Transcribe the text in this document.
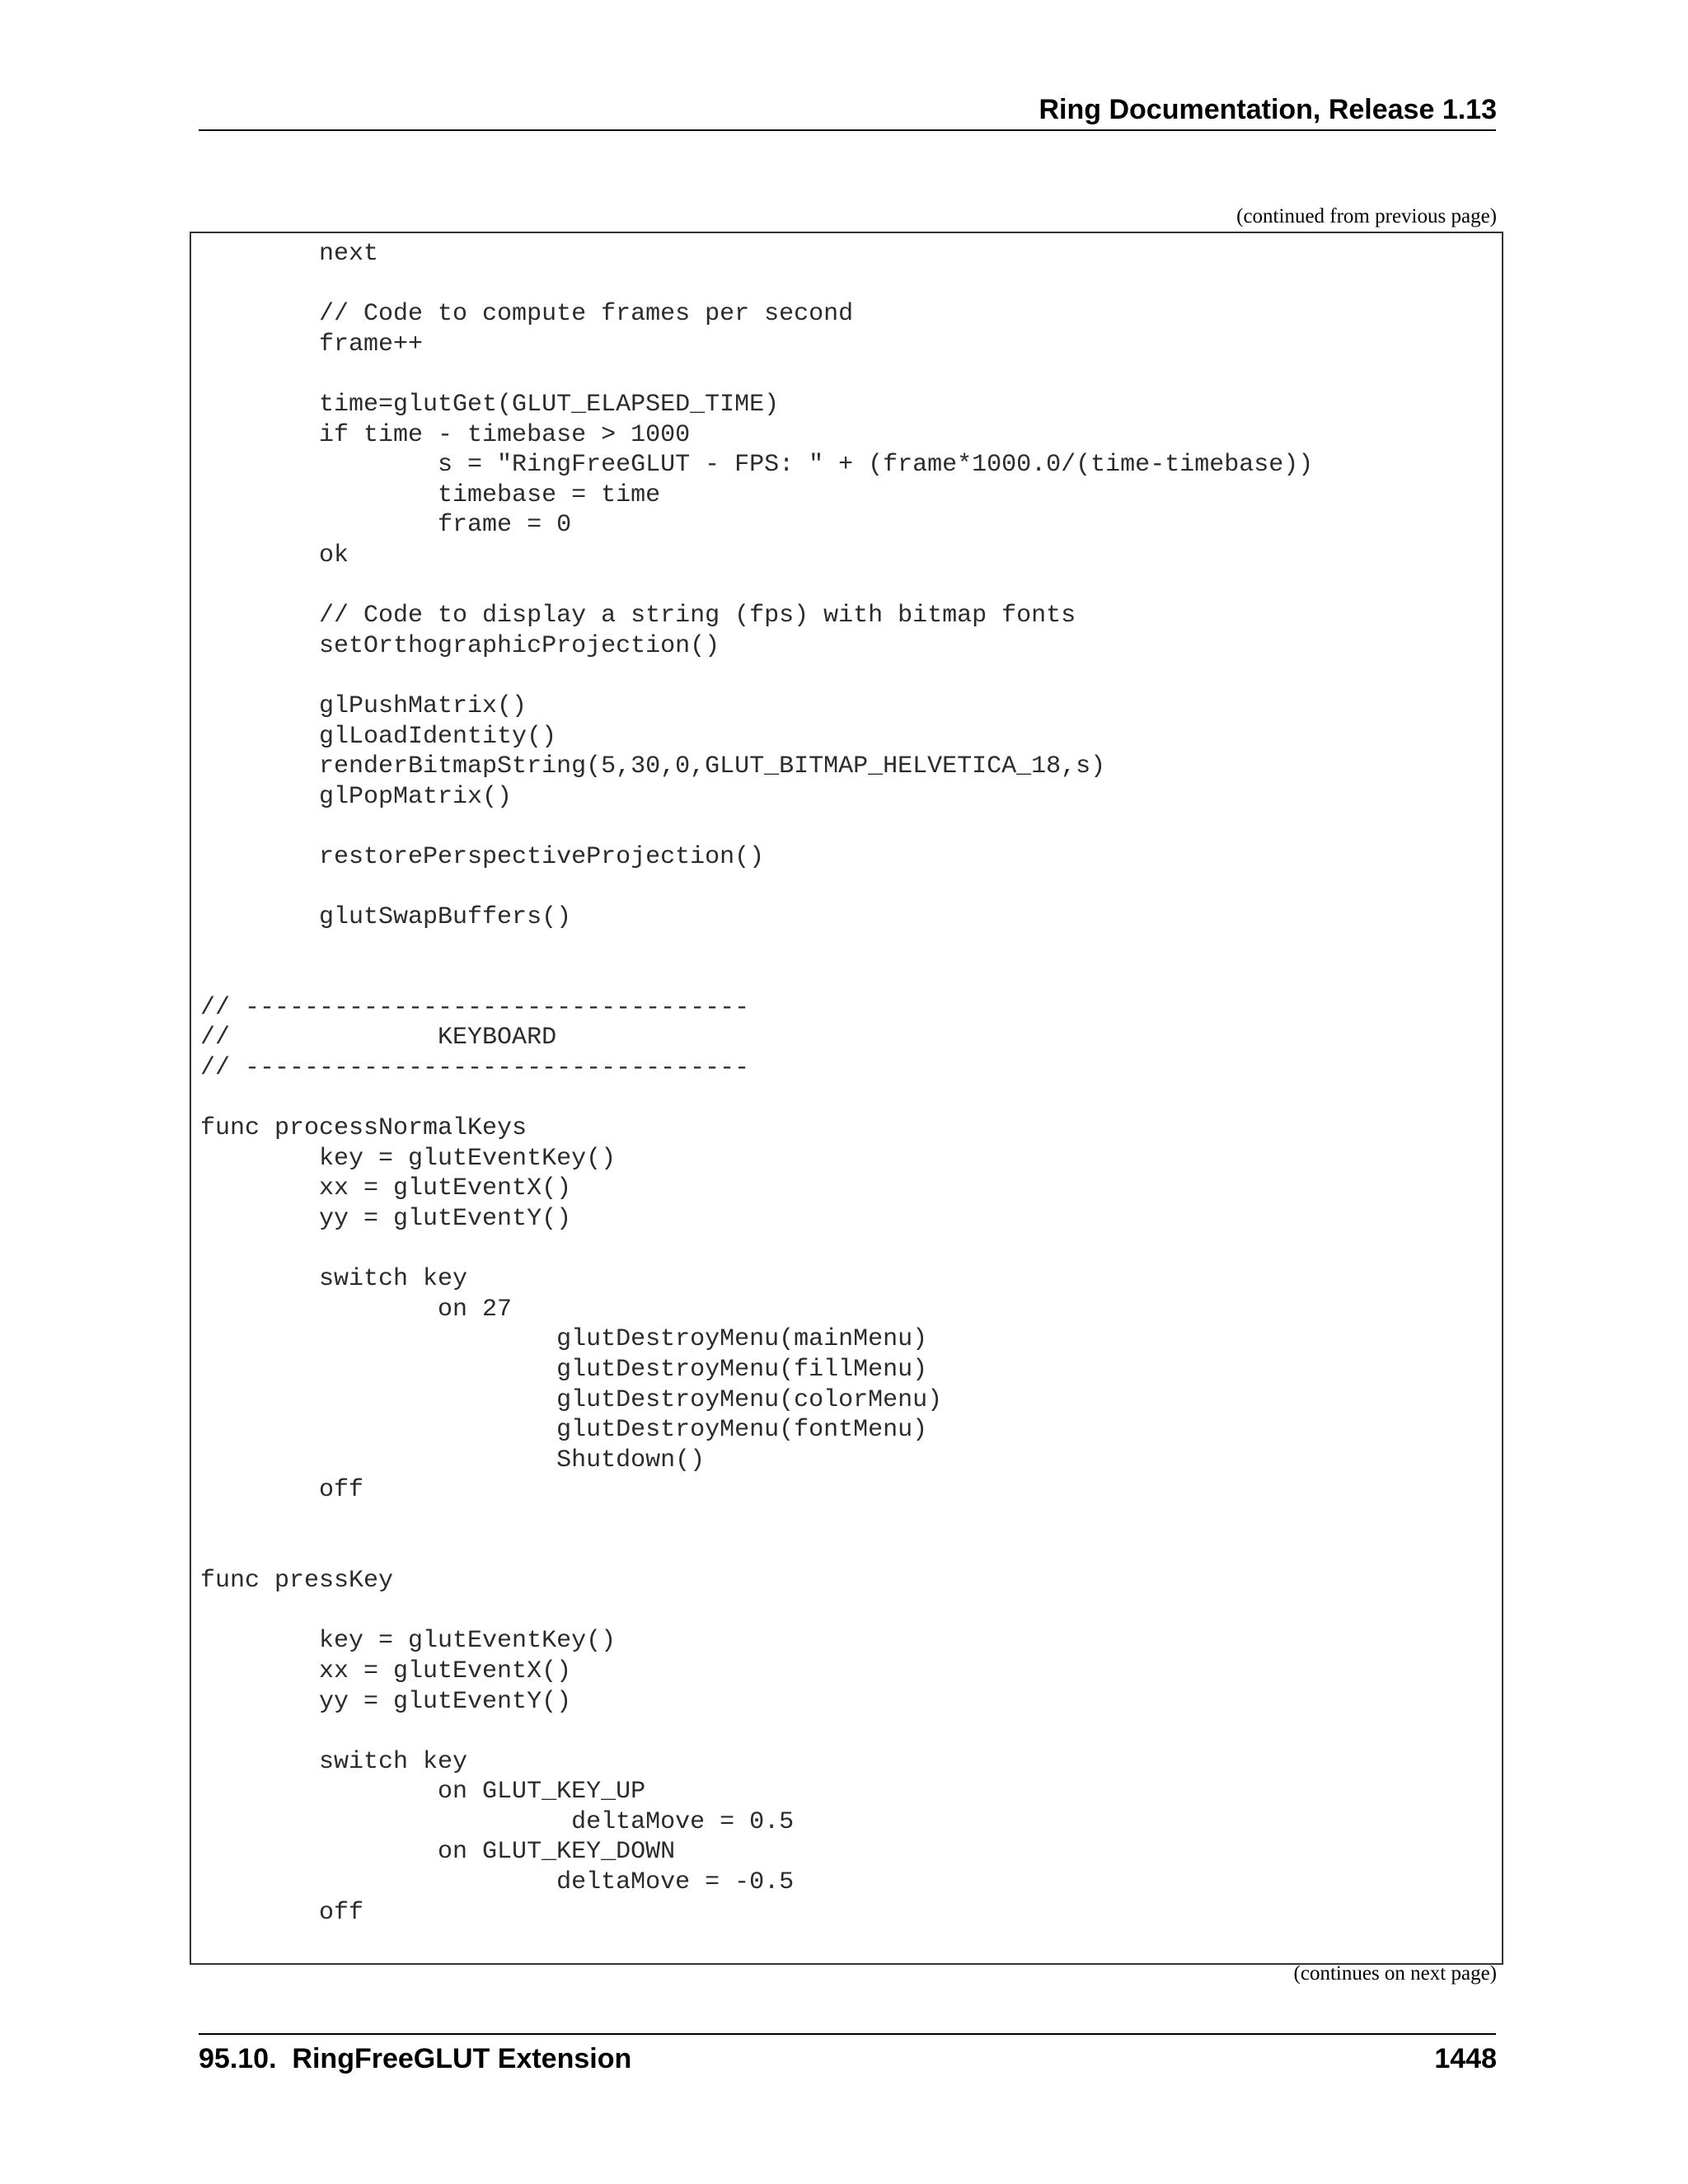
Ring Documentation, Release 1.13
(continued from previous page)
next

// Code to compute frames per second
frame++

time=glutGet(GLUT_ELAPSED_TIME)
if time - timebase > 1000
s = "RingFreeGLUT - FPS: " + (frame*1000.0/(time-timebase))
timebase = time
frame = 0
ok

// Code to display a string (fps) with bitmap fonts
setOrthographicProjection()

glPushMatrix()
glLoadIdentity()
renderBitmapString(5,30,0,GLUT_BITMAP_HELVETICA_18,s)
glPopMatrix()

restorePerspectiveProjection()

glutSwapBuffers()

// ----------------------------------
//              KEYBOARD
// ----------------------------------

func processNormalKeys
key = glutEventKey()
xx = glutEventX()
yy = glutEventY()

switch key
on 27
glutDestroyMenu(mainMenu)
glutDestroyMenu(fillMenu)
glutDestroyMenu(colorMenu)
glutDestroyMenu(fontMenu)
Shutdown()
off

func pressKey

key = glutEventKey()
xx = glutEventX()
yy = glutEventY()

switch key
on GLUT_KEY_UP
deltaMove = 0.5
on GLUT_KEY_DOWN
deltaMove = -0.5
off
(continues on next page)
95.10.  RingFreeGLUT Extension	1448
